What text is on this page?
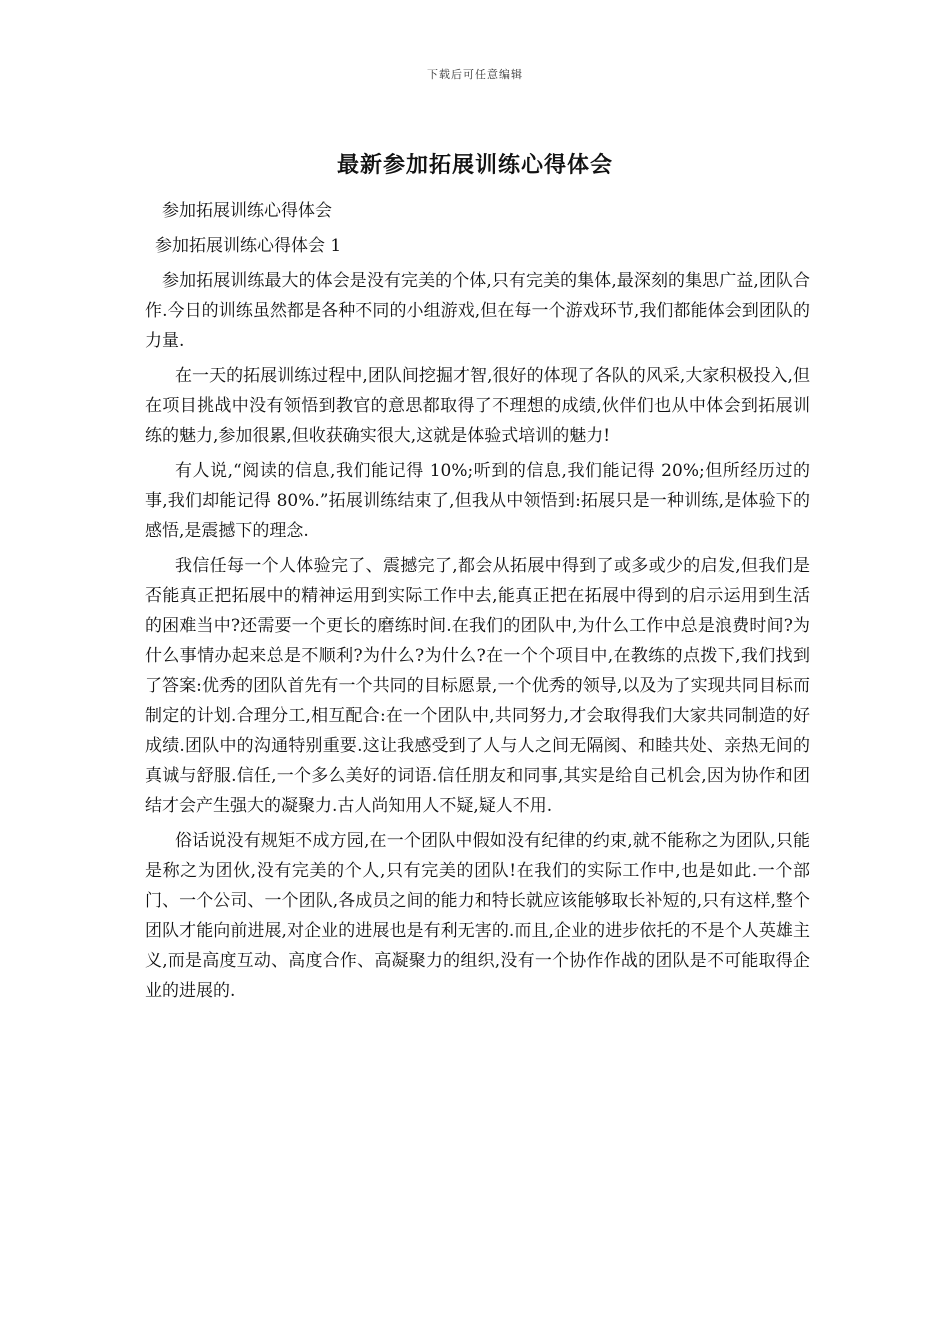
下载后可任意编辑
最新参加拓展训练心得体会

参加拓展训练心得体会

参加拓展训练心得体会 1

参加拓展训练最大的体会是没有完美的个体,只有完美的集体,最深刻的集思广益,团队合作.今日的训练虽然都是各种不同的小组游戏,但在每一个游戏环节,我们都能体会到团队的力量.

在一天的拓展训练过程中,团队间挖掘才智,很好的体现了各队的风采,大家积极投入,但在项目挑战中没有领悟到教官的意思都取得了不理想的成绩,伙伴们也从中体会到拓展训练的魅力,参加很累,但收获确实很大,这就是体验式培训的魅力!

有人说,“阅读的信息,我们能记得 10%;听到的信息,我们能记得 20%;但所经历过的事,我们却能记得 80%.”拓展训练结束了,但我从中领悟到:拓展只是一种训练,是体验下的感悟,是震撼下的理念.

我信任每一个人体验完了、震撼完了,都会从拓展中得到了或多或少的启发,但我们是否能真正把拓展中的精神运用到实际工作中去,能真正把在拓展中得到的启示运用到生活的困难当中?还需要一个更长的磨练时间.在我们的团队中,为什么工作中总是浪费时间?为什么事情办起来总是不顺利?为什么?为什么?在一个个项目中,在教练的点拨下,我们找到了答案:优秀的团队首先有一个共同的目标愿景,一个优秀的领导,以及为了实现共同目标而制定的计划.合理分工,相互配合:在一个团队中,共同努力,才会取得我们大家共同制造的好成绩.团队中的沟通特别重要.这让我感受到了人与人之间无隔阂、和睦共处、亲热无间的真诚与舒服.信任,一个多么美好的词语.信任朋友和同事,其实是给自己机会,因为协作和团结才会产生强大的凝聚力.古人尚知用人不疑,疑人不用.

俗话说没有规矩不成方园,在一个团队中假如没有纪律的约束,就不能称之为团队,只能是称之为团伙,没有完美的个人,只有完美的团队!在我们的实际工作中,也是如此.一个部门、一个公司、一个团队,各成员之间的能力和特长就应该能够取长补短的,只有这样,整个团队才能向前进展,对企业的进展也是有利无害的.而且,企业的进步依托的不是个人英雄主义,而是高度互动、高度合作、高凝聚力的组织,没有一个协作作战的团队是不可能取得企业的进展的.
